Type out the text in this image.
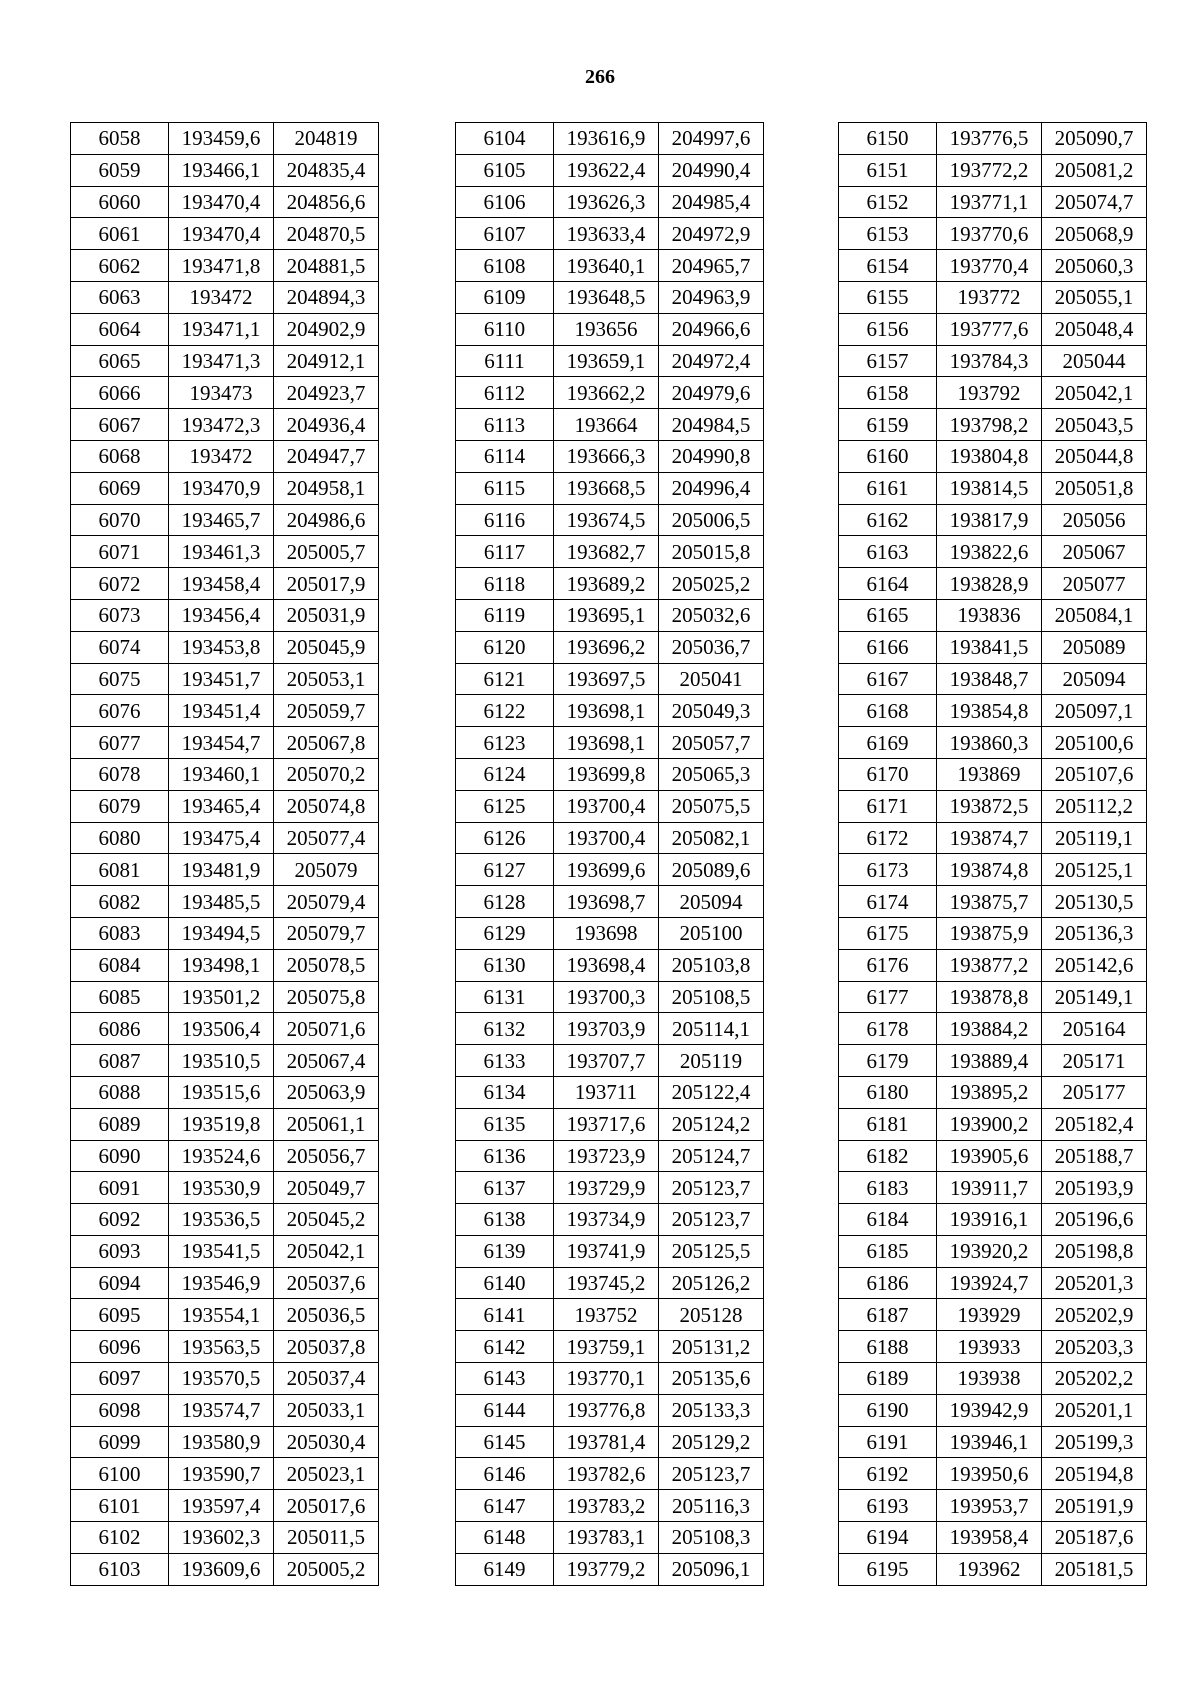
266
6058	193459,6	204819
6059	193466,1	204835,4
6060	193470,4	204856,6
6061	193470,4	204870,5
6062	193471,8	204881,5
6063	193472	204894,3
6064	193471,1	204902,9
6065	193471,3	204912,1
6066	193473	204923,7
6067	193472,3	204936,4
6068	193472	204947,7
6069	193470,9	204958,1
6070	193465,7	204986,6
6071	193461,3	205005,7
6072	193458,4	205017,9
6073	193456,4	205031,9
6074	193453,8	205045,9
6075	193451,7	205053,1
6076	193451,4	205059,7
6077	193454,7	205067,8
6078	193460,1	205070,2
6079	193465,4	205074,8
6080	193475,4	205077,4
6081	193481,9	205079
6082	193485,5	205079,4
6083	193494,5	205079,7
6084	193498,1	205078,5
6085	193501,2	205075,8
6086	193506,4	205071,6
6087	193510,5	205067,4
6088	193515,6	205063,9
6089	193519,8	205061,1
6090	193524,6	205056,7
6091	193530,9	205049,7
6092	193536,5	205045,2
6093	193541,5	205042,1
6094	193546,9	205037,6
6095	193554,1	205036,5
6096	193563,5	205037,8
6097	193570,5	205037,4
6098	193574,7	205033,1
6099	193580,9	205030,4
6100	193590,7	205023,1
6101	193597,4	205017,6
6102	193602,3	205011,5
6103	193609,6	205005,2
6104	193616,9	204997,6
6105	193622,4	204990,4
6106	193626,3	204985,4
6107	193633,4	204972,9
6108	193640,1	204965,7
6109	193648,5	204963,9
6110	193656	204966,6
6111	193659,1	204972,4
6112	193662,2	204979,6
6113	193664	204984,5
6114	193666,3	204990,8
6115	193668,5	204996,4
6116	193674,5	205006,5
6117	193682,7	205015,8
6118	193689,2	205025,2
6119	193695,1	205032,6
6120	193696,2	205036,7
6121	193697,5	205041
6122	193698,1	205049,3
6123	193698,1	205057,7
6124	193699,8	205065,3
6125	193700,4	205075,5
6126	193700,4	205082,1
6127	193699,6	205089,6
6128	193698,7	205094
6129	193698	205100
6130	193698,4	205103,8
6131	193700,3	205108,5
6132	193703,9	205114,1
6133	193707,7	205119
6134	193711	205122,4
6135	193717,6	205124,2
6136	193723,9	205124,7
6137	193729,9	205123,7
6138	193734,9	205123,7
6139	193741,9	205125,5
6140	193745,2	205126,2
6141	193752	205128
6142	193759,1	205131,2
6143	193770,1	205135,6
6144	193776,8	205133,3
6145	193781,4	205129,2
6146	193782,6	205123,7
6147	193783,2	205116,3
6148	193783,1	205108,3
6149	193779,2	205096,1
6150	193776,5	205090,7
6151	193772,2	205081,2
6152	193771,1	205074,7
6153	193770,6	205068,9
6154	193770,4	205060,3
6155	193772	205055,1
6156	193777,6	205048,4
6157	193784,3	205044
6158	193792	205042,1
6159	193798,2	205043,5
6160	193804,8	205044,8
6161	193814,5	205051,8
6162	193817,9	205056
6163	193822,6	205067
6164	193828,9	205077
6165	193836	205084,1
6166	193841,5	205089
6167	193848,7	205094
6168	193854,8	205097,1
6169	193860,3	205100,6
6170	193869	205107,6
6171	193872,5	205112,2
6172	193874,7	205119,1
6173	193874,8	205125,1
6174	193875,7	205130,5
6175	193875,9	205136,3
6176	193877,2	205142,6
6177	193878,8	205149,1
6178	193884,2	205164
6179	193889,4	205171
6180	193895,2	205177
6181	193900,2	205182,4
6182	193905,6	205188,7
6183	193911,7	205193,9
6184	193916,1	205196,6
6185	193920,2	205198,8
6186	193924,7	205201,3
6187	193929	205202,9
6188	193933	205203,3
6189	193938	205202,2
6190	193942,9	205201,1
6191	193946,1	205199,3
6192	193950,6	205194,8
6193	193953,7	205191,9
6194	193958,4	205187,6
6195	193962	205181,5
